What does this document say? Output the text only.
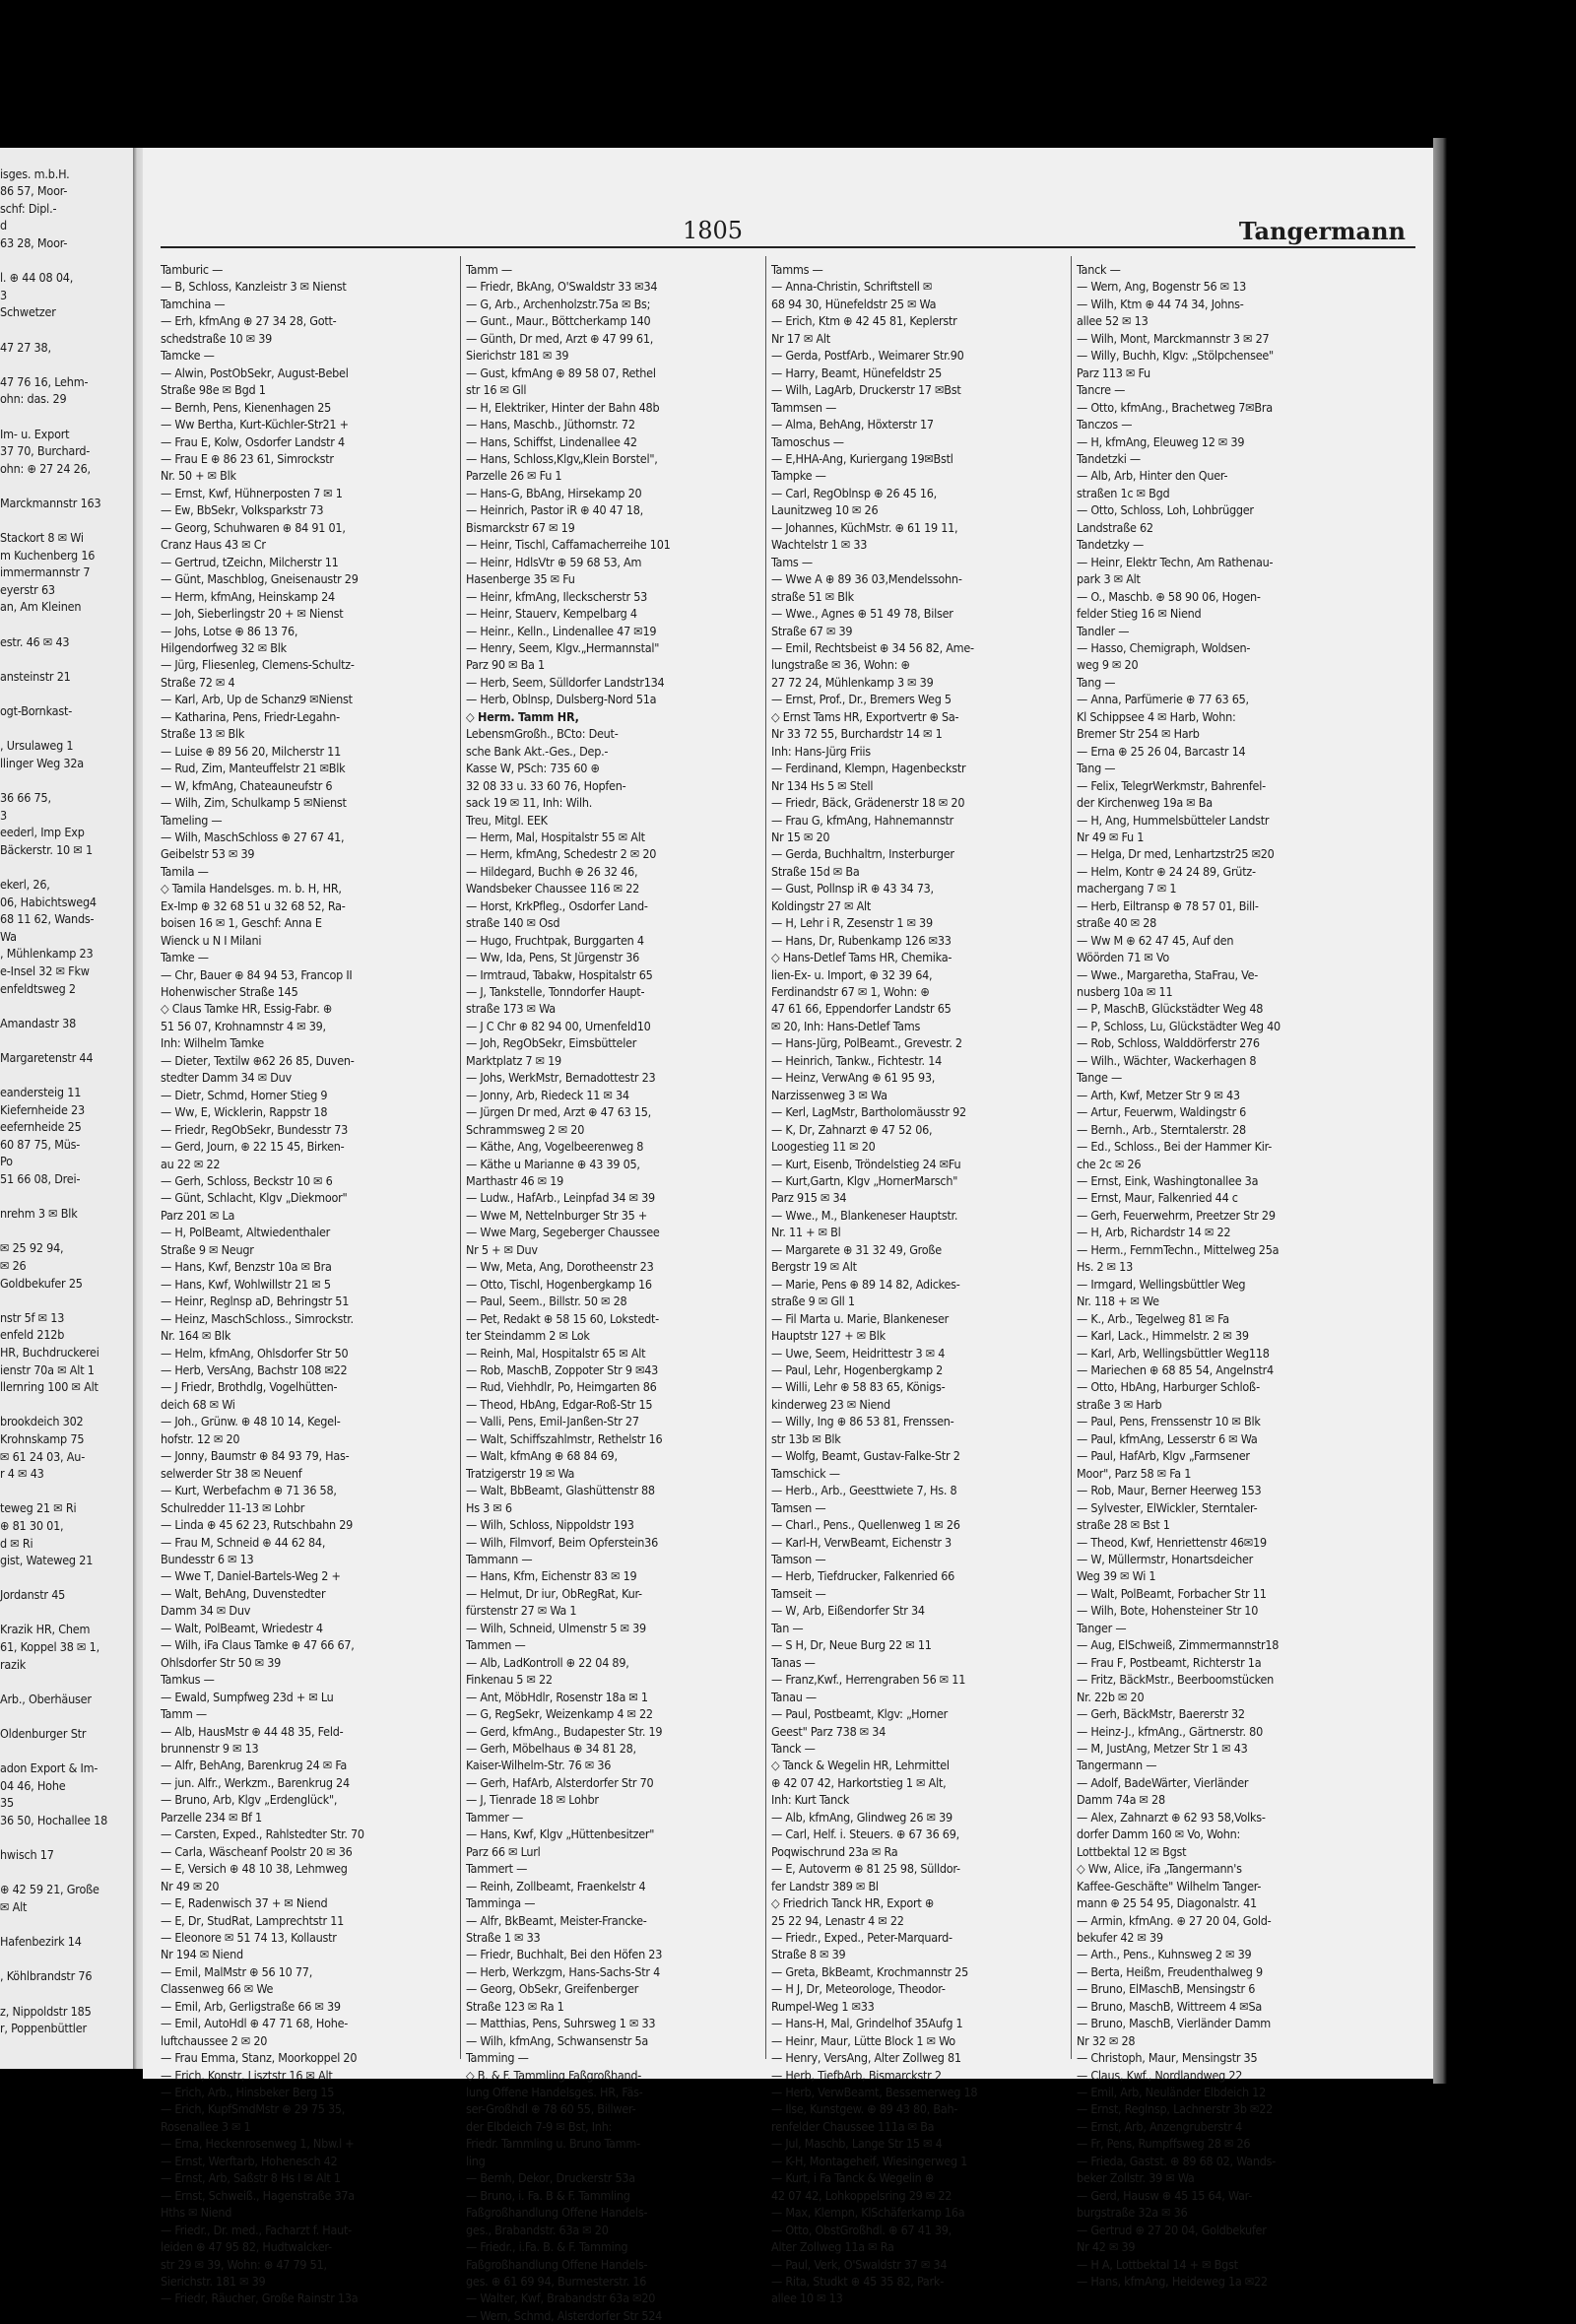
isges. m.b.H.
86 57, Moor-
schf: Dipl.-
d
63 28, Moor-

l. ⊕ 44 08 04,
3
Schwetzer

47 27 38,

47 76 16, Lehm-
ohn: das. 29

Im- u. Export
37 70, Burchard-
ohn: ⊕ 27 24 26,

Marckmannstr 163

Stackort 8 ✉ Wi
m Kuchenberg 16
immermannstr 7
eyerstr 63
an, Am Kleinen

estr. 46 ✉ 43

ansteinstr 21

ogt-Bornkast-

, Ursulaweg 1
llinger Weg 32a

36 66 75,
3
eederl, Imp Exp
Bäckerstr. 10 ✉ 1

ekerl, 26,
06, Habichtsweg4
68 11 62, Wands-
Wa
, Mühlenkamp 23
e-Insel 32 ✉ Fkw
enfeldtsweg 2

Amandastr 38

Margaretenstr 44

eandersteig 11
Kiefernheide 23
eefernheide 25
60 87 75, Müs-
Po
51 66 08, Drei-

nrehm 3 ✉ Blk

✉ 25 92 94,
✉ 26
Goldbekufer 25

nstr 5f ✉ 13
enfeld 212b
HR, Buchdruckerei
ienstr 70a ✉ Alt 1
llernring 100 ✉ Alt

brookdeich 302
Krohnskamp 75
✉ 61 24 03, Au-
r 4 ✉ 43

teweg 21 ✉ Ri
⊕ 81 30 01,
d ✉ Ri
gist, Wateweg 21

Jordanstr 45

Krazik HR, Chem
61, Koppel 38 ✉ 1,
razik

Arb., Oberhäuser

Oldenburger Str

adon Export & Im-
04 46, Hohe
35
36 50, Hochallee 18

hwisch 17

⊕ 42 59 21, Große
✉ Alt

Hafenbezirk 14

, Köhlbrandstr 76

z, Nippoldstr 185
r, Poppenbüttler
1805	Tangermann
Tamburic —
— B, Schloss, Kanzleistr 3 ✉ Nienst
Tamchina —
— Erh, kfmAng ⊕ 27 34 28, Gott-
schedstraße 10 ✉ 39
Tamcke —
— Alwin, PostObSekr, August-Bebel
Straße 98e ✉ Bgd 1
— Bernh, Pens, Kienenhagen 25
— Ww Bertha, Kurt-Küchler-Str21 +
— Frau E, Kolw, Osdorfer Landstr 4
— Frau E ⊕ 86 23 61, Simrockstr
Nr. 50 + ✉ Blk
— Ernst, Kwf, Hühnerposten 7 ✉ 1
— Ew, BbSekr, Volksparkstr 73
— Georg, Schuhwaren ⊕ 84 91 01,
Cranz Haus 43 ✉ Cr
— Gertrud, tZeichn, Milcherstr 11
— Günt, Maschblog, Gneisenaustr 29
— Herm, kfmAng, Heinskamp 24
— Joh, Sieberlingstr 20 + ✉ Nienst
— Johs, Lotse ⊕ 86 13 76,
Hilgendorfweg 32 ✉ Blk
— Jürg, Fliesenleg, Clemens-Schultz-
Straße 72 ✉ 4
— Karl, Arb, Up de Schanz9 ✉Nienst
— Katharina, Pens, Friedr-Legahn-
Straße 13 ✉ Blk
— Luise ⊕ 89 56 20, Milcherstr 11
— Rud, Zim, Manteuffelstr 21 ✉Blk
— W, kfmAng, Chateauneufstr 6
— Wilh, Zim, Schulkamp 5 ✉Nienst
Tameling —
— Wilh, MaschSchloss ⊕ 27 67 41,
Geibelstr 53 ✉ 39
Tamila —
◇ Tamila Handelsges. m. b. H, HR,
Ex-Imp ⊕ 32 68 51 u 32 68 52, Ra-
boisen 16 ✉ 1, Geschf: Anna E
Wienck u N I Milani
Tamke —
— Chr, Bauer ⊕ 84 94 53, Francop II
Hohenwischer Straße 145
◇ Claus Tamke HR, Essig-Fabr. ⊕
51 56 07, Krohnamnstr 4 ✉ 39,
Inh: Wilhelm Tamke
— Dieter, Textilw ⊕62 26 85, Duven-
stedter Damm 34 ✉ Duv
— Dietr, Schmd, Horner Stieg 9
— Ww, E, Wicklerin, Rappstr 18
— Friedr, RegObSekr, Bundesstr 73
— Gerd, Journ, ⊕ 22 15 45, Birken-
au 22 ✉ 22
— Gerh, Schloss, Beckstr 10 ✉ 6
— Günt, Schlacht, Klgv „Diekmoor"
Parz 201 ✉ La
— H, PolBeamt, Altwiedenthaler
Straße 9 ✉ Neugr
— Hans, Kwf, Benzstr 10a ✉ Bra
— Hans, Kwf, Wohlwillstr 21 ✉ 5
— Heinr, Reglnsp aD, Behringstr 51
— Heinz, MaschSchloss., Simrockstr.
Nr. 164 ✉ Blk
— Helm, kfmAng, Ohlsdorfer Str 50
— Herb, VersAng, Bachstr 108 ✉22
— J Friedr, Brothdlg, Vogelhütten-
deich 68 ✉ Wi
— Joh., Grünw. ⊕ 48 10 14, Kegel-
hofstr. 12 ✉ 20
— Jonny, Baumstr ⊕ 84 93 79, Has-
selwerder Str 38 ✉ Neuenf
— Kurt, Werbefachm ⊕ 71 36 58,
Schulredder 11-13 ✉ Lohbr
— Linda ⊕ 45 62 23, Rutschbahn 29
— Frau M, Schneid ⊕ 44 62 84,
Bundesstr 6 ✉ 13
— Wwe T, Daniel-Bartels-Weg 2 +
— Walt, BehAng, Duvenstedter
Damm 34 ✉ Duv
— Walt, PolBeamt, Wriedestr 4
— Wilh, iFa Claus Tamke ⊕ 47 66 67,
Ohlsdorfer Str 50 ✉ 39
Tamkus —
— Ewald, Sumpfweg 23d + ✉ Lu
Tamm —
— Alb, HausMstr ⊕ 44 48 35, Feld-
brunnenstr 9 ✉ 13
— Alfr, BehAng, Barenkrug 24 ✉ Fa
— jun. Alfr., Werkzm., Barenkrug 24
— Bruno, Arb, Klgv „Erdenglück",
Parzelle 234 ✉ Bf 1
— Carsten, Exped., Rahlstedter Str. 70
— Carla, Wäscheanf Poolstr 20 ✉ 36
— E, Versich ⊕ 48 10 38, Lehmweg
Nr 49 ✉ 20
— E, Radenwisch 37 + ✉ Niend
— E, Dr, StudRat, Lamprechtstr 11
— Eleonore ✉ 51 74 13, Kollaustr
Nr 194 ✉ Niend
— Emil, MalMstr ⊕ 56 10 77,
Classenweg 66 ✉ We
— Emil, Arb, Gerligstraße 66 ✉ 39
— Emil, AutoHdl ⊕ 47 71 68, Hohe-
luftchaussee 2 ✉ 20
— Frau Emma, Stanz, Moorkoppel 20
— Erich, Konstr, Lisztstr 16 ✉ Alt
— Erich, Arb., Hinsbeker Berg 15
— Erich, KupfSmdMstr ⊕ 29 75 35,
Rosenallee 3 ✉ 1
— Erna, Heckenrosenweg 1, Nbw.l +
— Ernst, Werftarb, Hohenesch 42
— Ernst, Arb, Saßstr 8 Hs I ✉ Alt 1
— Ernst, Schweiß., Hagenstraße 37a
Hths ✉ Niend
— Friedr., Dr. med., Facharzt f. Haut-
leiden ⊕ 47 95 82, Hudtwalcker-
str 29 ✉ 39, Wohn: ⊕ 47 79 51,
Sierichstr. 181 ✉ 39
— Friedr, Räucher, Große Rainstr 13a
Tamm —
— Friedr, BkAng, O'Swaldstr 33 ✉34
— G, Arb., Archenholzstr.75a ✉ Bs;
— Gunt., Maur., Böttcherkamp 140
— Günth, Dr med, Arzt ⊕ 47 99 61,
Sierichstr 181 ✉ 39
— Gust, kfmAng ⊕ 89 58 07, Rethel
str 16 ✉ Gll
— H, Elektriker, Hinter der Bahn 48b
— Hans, Maschb., Jüthornstr. 72
— Hans, Schiffst, Lindenallee 42
— Hans, Schloss,Klgv„Klein Borstel",
Parzelle 26 ✉ Fu 1
— Hans-G, BbAng, Hirsekamp 20
— Heinrich, Pastor iR ⊕ 40 47 18,
Bismarckstr 67 ✉ 19
— Heinr, Tischl, Caffamacherreihe 101
— Heinr, HdlsVtr ⊕ 59 68 53, Am
Hasenberge 35 ✉ Fu
— Heinr, kfmAng, Ileckscherstr 53
— Heinr, Stauerv, Kempelbarg 4
— Heinr., Kelln., Lindenallee 47 ✉19
— Henry, Seem, Klgv.„Hermannstal"
Parz 90 ✉ Ba 1
— Herb, Seem, Sülldorfer Landstr134
— Herb, Oblnsp, Dulsberg-Nord 51a
◇ Herm. Tamm HR,
LebensmGroßh., BCto: Deut-
sche Bank Akt.-Ges., Dep.-
Kasse W, PSch: 735 60 ⊕
32 08 33 u. 33 60 76, Hopfen-
sack 19 ✉ 11, Inh: Wilh.
Treu, Mitgl. EEK
— Herm, Mal, Hospitalstr 55 ✉ Alt
— Herm, kfmAng, Schedestr 2 ✉ 20
— Hildegard, Buchh ⊕ 26 32 46,
Wandsbeker Chaussee 116 ✉ 22
— Horst, KrkPfleg., Osdorfer Land-
straße 140 ✉ Osd
— Hugo, Fruchtpak, Burggarten 4
— Ww, Ida, Pens, St Jürgenstr 36
— Irmtraud, Tabakw, Hospitalstr 65
— J, Tankstelle, Tonndorfer Haupt-
straße 173 ✉ Wa
— J C Chr ⊕ 82 94 00, Urnenfeld10
— Joh, RegObSekr, Eimsbütteler
Marktplatz 7 ✉ 19
— Johs, WerkMstr, Bernadottestr 23
— Jonny, Arb, Riedeck 11 ✉ 34
— Jürgen Dr med, Arzt ⊕ 47 63 15,
Schrammsweg 2 ✉ 20
— Käthe, Ang, Vogelbeerenweg 8
— Käthe u Marianne ⊕ 43 39 05,
Marthastr 46 ✉ 19
— Ludw., HafArb., Leinpfad 34 ✉ 39
— Wwe M, Nettelnburger Str 35 +
— Wwe Marg, Segeberger Chaussee
Nr 5 + ✉ Duv
— Ww, Meta, Ang, Dorotheenstr 23
— Otto, Tischl, Hogenbergkamp 16
— Paul, Seem., Billstr. 50 ✉ 28
— Pet, Redakt ⊕ 58 15 60, Lokstedt-
ter Steindamm 2 ✉ Lok
— Reinh, Mal, Hospitalstr 65 ✉ Alt
— Rob, MaschB, Zoppoter Str 9 ✉43
— Rud, Viehhdlr, Po, Heimgarten 86
— Theod, HbAng, Edgar-Roß-Str 15
— Valli, Pens, Emil-Janßen-Str 27
— Walt, Schiffszahlmstr, Rethelstr 16
— Walt, kfmAng ⊕ 68 84 69,
Tratzigerstr 19 ✉ Wa
— Walt, BbBeamt, Glashüttenstr 88
Hs 3 ✉ 6
— Wilh, Schloss, Nippoldstr 193
— Wilh, Filmvorf, Beim Opferstein36
Tammann —
— Hans, Kfm, Eichenstr 83 ✉ 19
— Helmut, Dr iur, ObRegRat, Kur-
fürstenstr 27 ✉ Wa 1
— Wilh, Schneid, Ulmenstr 5 ✉ 39
Tammen —
— Alb, LadKontroll ⊕ 22 04 89,
Finkenau 5 ✉ 22
— Ant, MöbHdlr, Rosenstr 18a ✉ 1
— G, RegSekr, Weizenkamp 4 ✉ 22
— Gerd, kfmAng., Budapester Str. 19
— Gerh, Möbelhaus ⊕ 34 81 28,
Kaiser-Wilhelm-Str. 76 ✉ 36
— Gerh, HafArb, Alsterdorfer Str 70
— J, Tienrade 18 ✉ Lohbr
Tammer —
— Hans, Kwf, Klgv „Hüttenbesitzer"
Parz 66 ✉ Lurl
Tammert —
— Reinh, Zollbeamt, Fraenkelstr 4
Tamminga —
— Alfr, BkBeamt, Meister-Francke-
Straße 1 ✉ 33
— Friedr, Buchhalt, Bei den Höfen 23
— Herb, Werkzgm, Hans-Sachs-Str 4
— Georg, ObSekr, Greifenberger
Straße 123 ✉ Ra 1
— Matthias, Pens, Suhrsweg 1 ✉ 33
— Wilh, kfmAng, Schwansenstr 5a
Tamming —
◇ B. & F. Tammling Faßgroßhand-
lung Offene Handelsges. HR, Fäs-
ser-Großhdl ⊕ 78 60 55, Billwer-
der Elbdeich 7-9 ✉ Bst, Inh:
Friedr. Tammling u. Bruno Tamm-
ling
— Bernh, Dekor, Druckerstr 53a
— Bruno, i. Fa. B & F. Tammling
Faßgroßhandlung Offene Handels-
ges., Brabandstr. 63a ✉ 20
— Friedr., i.Fa. B. & F. Tamming
Faßgroßhandlung Offene Handels-
ges. ⊕ 61 69 94, Burmesterstr. 16
— Walter, Kwf, Brabandstr 63a ✉20
— Wern, Schmd, Alsterdorfer Str 524
Tamms —
— Anna-Christin, Schriftstell ✉
68 94 30, Hünefeldstr 25 ✉ Wa
— Erich, Ktm ⊕ 42 45 81, Keplerstr
Nr 17 ✉ Alt
— Gerda, PostfArb., Weimarer Str.90
— Harry, Beamt, Hünefeldstr 25
— Wilh, LagArb, Druckerstr 17 ✉Bst
Tammsen —
— Alma, BehAng, Höxterstr 17
Tamoschus —
— E,HHA-Ang, Kuriergang 19✉Bstl
Tampke —
— Carl, RegOblnsp ⊕ 26 45 16,
Launitzweg 10 ✉ 26
— Johannes, KüchMstr. ⊕ 61 19 11,
Wachtelstr 1 ✉ 33
Tams —
— Wwe A ⊕ 89 36 03,Mendelssohn-
straße 51 ✉ Blk
— Wwe., Agnes ⊕ 51 49 78, Bilser
Straße 67 ✉ 39
— Emil, Rechtsbeist ⊕ 34 56 82, Ame-
lungstraße ✉ 36, Wohn: ⊕
27 72 24, Mühlenkamp 3 ✉ 39
— Ernst, Prof., Dr., Bremers Weg 5
◇ Ernst Tams HR, Exportvertr ⊕ Sa-
Nr 33 72 55, Burchardstr 14 ✉ 1
Inh: Hans-Jürg Friis
— Ferdinand, Klempn, Hagenbeckstr
Nr 134 Hs 5 ✉ Stell
— Friedr, Bäck, Grädenerstr 18 ✉ 20
— Frau G, kfmAng, Hahnemannstr
Nr 15 ✉ 20
— Gerda, Buchhaltrn, Insterburger
Straße 15d ✉ Ba
— Gust, Pollnsp iR ⊕ 43 34 73,
Koldingstr 27 ✉ Alt
— H, Lehr i R, Zesenstr 1 ✉ 39
— Hans, Dr, Rubenkamp 126 ✉33
◇ Hans-Detlef Tams HR, Chemika-
lien-Ex- u. Import, ⊕ 32 39 64,
Ferdinandstr 67 ✉ 1, Wohn: ⊕
47 61 66, Eppendorfer Landstr 65
✉ 20, Inh: Hans-Detlef Tams
— Hans-Jürg, PolBeamt., Grevestr. 2
— Heinrich, Tankw., Fichtestr. 14
— Heinz, VerwAng ⊕ 61 95 93,
Narzissenweg 3 ✉ Wa
— Kerl, LagMstr, Bartholomäusstr 92
— K, Dr, Zahnarzt ⊕ 47 52 06,
Loogestieg 11 ✉ 20
— Kurt, Eisenb, Tröndelstieg 24 ✉Fu
— Kurt,Gartn, Klgv „HornerMarsch"
Parz 915 ✉ 34
— Wwe., M., Blankeneser Hauptstr.
Nr. 11 + ✉ Bl
— Margarete ⊕ 31 32 49, Große
Bergstr 19 ✉ Alt
— Marie, Pens ⊕ 89 14 82, Adickes-
straße 9 ✉ Gll 1
— Fil Marta u. Marie, Blankeneser
Hauptstr 127 + ✉ Blk
— Uwe, Seem, Heidrittestr 3 ✉ 4
— Paul, Lehr, Hogenbergkamp 2
— Willi, Lehr ⊕ 58 83 65, Königs-
kinderweg 23 ✉ Niend
— Willy, Ing ⊕ 86 53 81, Frenssen-
str 13b ✉ Blk
— Wolfg, Beamt, Gustav-Falke-Str 2
Tamschick —
— Herb., Arb., Geesttwiete 7, Hs. 8
Tamsen —
— Charl., Pens., Quellenweg 1 ✉ 26
— Karl-H, VerwBeamt, Eichenstr 3
Tamson —
— Herb, Tiefdrucker, Falkenried 66
Tamseit —
— W, Arb, Eißendorfer Str 34
Tan —
— S H, Dr, Neue Burg 22 ✉ 11
Tanas —
— Franz,Kwf., Herrengraben 56 ✉ 11
Tanau —
— Paul, Postbeamt, Klgv: „Horner
Geest" Parz 738 ✉ 34
Tanck —
◇ Tanck & Wegelin HR, Lehrmittel
⊕ 42 07 42, Harkortstieg 1 ✉ Alt,
Inh: Kurt Tanck
— Alb, kfmAng, Glindweg 26 ✉ 39
— Carl, Helf. i. Steuers. ⊕ 67 36 69,
Poqwischrund 23a ✉ Ra
— E, Autoverm ⊕ 81 25 98, Sülldor-
fer Landstr 389 ✉ Bl
◇ Friedrich Tanck HR, Export ⊕
25 22 94, Lenastr 4 ✉ 22
— Friedr., Exped., Peter-Marquard-
Straße 8 ✉ 39
— Greta, BkBeamt, Krochmannstr 25
— H J, Dr, Meteorologe, Theodor-
Rumpel-Weg 1 ✉33
— Hans-H, Mal, Grindelhof 35Aufg 1
— Heinr, Maur, Lütte Block 1 ✉ Wo
— Henry, VersAng, Alter Zollweg 81
— Herb, TiefbArb, Bismarckstr 2
— Herb, VerwBeamt, Bessemerweg 18
— Ilse, Kunstgew. ⊕ 89 43 80, Bah-
renfelder Chaussee 111a ✉ Ba
— Jul, Maschb, Lange Str 15 ✉ 4
— K-H, Montageheif, Wiesingerweg 1
— Kurt, i Fa Tanck & Wegelin ⊕
42 07 42, Lohkoppelsring 29 ✉ 22
— Max, Klempn, KlSchäferkamp 16a
— Otto, ObstGroßhdl. ⊕ 67 41 39,
Alter Zollweg 11a ✉ Ra
— Paul, Verk, O'Swaldstr 37 ✉ 34
— Rita, Studkt ⊕ 45 35 82, Park-
allee 10 ✉ 13
Tanck —
— Wern, Ang, Bogenstr 56 ✉ 13
— Wilh, Ktm ⊕ 44 74 34, Johns-
allee 52 ✉ 13
— Wilh, Mont, Marckmannstr 3 ✉ 27
— Willy, Buchh, Klgv: „Stölpchensee"
Parz 113 ✉ Fu
Tancre —
— Otto, kfmAng., Brachetweg 7✉Bra
Tanczos —
— H, kfmAng, Eleuweg 12 ✉ 39
Tandetzki —
— Alb, Arb, Hinter den Quer-
straßen 1c ✉ Bgd
— Otto, Schloss, Loh, Lohbrügger
Landstraße 62
Tandetzky —
— Heinr, Elektr Techn, Am Rathenau-
park 3 ✉ Alt
— O., Maschb. ⊕ 58 90 06, Hogen-
felder Stieg 16 ✉ Niend
Tandler —
— Hasso, Chemigraph, Woldsen-
weg 9 ✉ 20
Tang —
— Anna, Parfümerie ⊕ 77 63 65,
Kl Schippsee 4 ✉ Harb, Wohn:
Bremer Str 254 ✉ Harb
— Erna ⊕ 25 26 04, Barcastr 14
Tang —
— Felix, TelegrWerkmstr, Bahrenfel-
der Kirchenweg 19a ✉ Ba
— H, Ang, Hummelsbütteler Landstr
Nr 49 ✉ Fu 1
— Helga, Dr med, Lenhartzstr25 ✉20
— Helm, Kontr ⊕ 24 24 89, Grütz-
machergang 7 ✉ 1
— Herb, Eiltransp ⊕ 78 57 01, Bill-
straße 40 ✉ 28
— Ww M ⊕ 62 47 45, Auf den
Wöörden 71 ✉ Vo
— Wwe., Margaretha, StaFrau, Ve-
nusberg 10a ✉ 11
— P, MaschB, Glückstädter Weg 48
— P, Schloss, Lu, Glückstädter Weg 40
— Rob, Schloss, Walddörferstr 276
— Wilh., Wächter, Wackerhagen 8
Tange —
— Arth, Kwf, Metzer Str 9 ✉ 43
— Artur, Feuerwm, Waldingstr 6
— Bernh., Arb., Sterntalerstr. 28
— Ed., Schloss., Bei der Hammer Kir-
che 2c ✉ 26
— Ernst, Eink, Washingtonallee 3a
— Ernst, Maur, Falkenried 44 c
— Gerh, Feuerwehrm, Preetzer Str 29
— H, Arb, Richardstr 14 ✉ 22
— Herm., FernmTechn., Mittelweg 25a
Hs. 2 ✉ 13
— Irmgard, Wellingsbüttler Weg
Nr. 118 + ✉ We
— K., Arb., Tegelweg 81 ✉ Fa
— Karl, Lack., Himmelstr. 2 ✉ 39
— Karl, Arb, Wellingsbüttler Weg118
— Mariechen ⊕ 68 85 54, Angelnstr4
— Otto, HbAng, Harburger Schloß-
straße 3 ✉ Harb
— Paul, Pens, Frenssenstr 10 ✉ Blk
— Paul, kfmAng, Lesserstr 6 ✉ Wa
— Paul, HafArb, Klgv „Farmsener
Moor", Parz 58 ✉ Fa 1
— Rob, Maur, Berner Heerweg 153
— Sylvester, ElWickler, Sterntaler-
straße 28 ✉ Bst 1
— Theod, Kwf, Henriettenstr 46✉19
— W, Müllermstr, Honartsdeicher
Weg 39 ✉ Wi 1
— Walt, PolBeamt, Forbacher Str 11
— Wilh, Bote, Hohensteiner Str 10
Tanger —
— Aug, ElSchweiß, Zimmermannstr18
— Frau F, Postbeamt, Richterstr 1a
— Fritz, BäckMstr., Beerboomstücken
Nr. 22b ✉ 20
— Gerh, BäckMstr, Baererstr 32
— Heinz-J., kfmAng., Gärtnerstr. 80
— M, JustAng, Metzer Str 1 ✉ 43
Tangermann —
— Adolf, BadeWärter, Vierländer
Damm 74a ✉ 28
— Alex, Zahnarzt ⊕ 62 93 58,Volks-
dorfer Damm 160 ✉ Vo, Wohn:
Lottbektal 12 ✉ Bgst
◇ Ww, Alice, iFa „Tangermann's
Kaffee-Geschäfte" Wilhelm Tanger-
mann ⊕ 25 54 95, Diagonalstr. 41
— Armin, kfmAng. ⊕ 27 20 04, Gold-
bekufer 42 ✉ 39
— Arth., Pens., Kuhnsweg 2 ✉ 39
— Berta, Heißm, Freudenthalweg 9
— Bruno, ElMaschB, Mensingstr 6
— Bruno, MaschB, Wittreem 4 ✉Sa
— Bruno, MaschB, Vierländer Damm
Nr 32 ✉ 28
— Christoph, Maur, Mensingstr 35
— Claus, Kwf., Nordlandweg 22
— Emil, Arb, Neuländer Elbdeich 12
— Ernst, Reglnsp, Lachnerstr 3b ✉22
— Ernst, Arb, Anzengruberstr 4
— Fr, Pens, Rumpffsweg 28 ✉ 26
— Frieda, Gastst. ⊕ 89 68 02, Wands-
beker Zollstr. 39 ✉ Wa
— Gerd, Hausw ⊕ 45 15 64, War-
burgstraße 32a ✉ 36
— Gertrud ⊕ 27 20 04, Goldbekufer
Nr 42 ✉ 39
— H A, Lottbektal 14 + ✉ Bgst
— Hans, kfmAng, Heideweg 1a ✉22
